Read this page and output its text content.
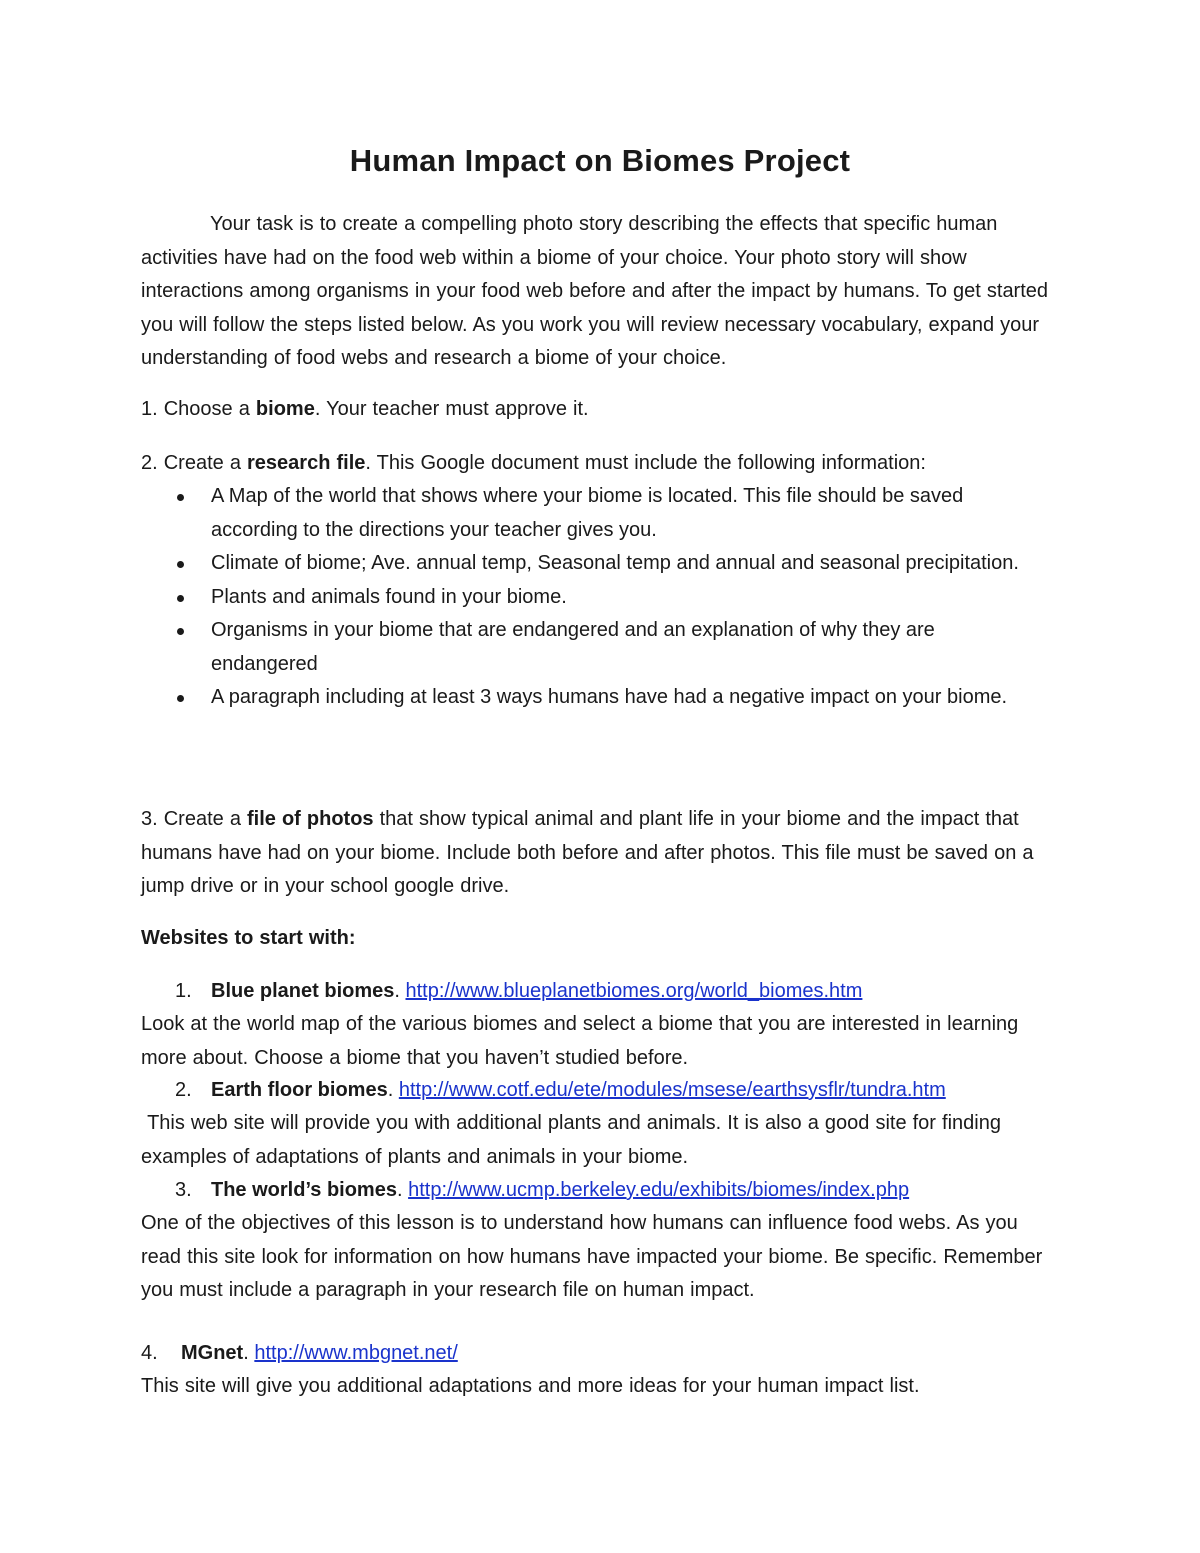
Human Impact on Biomes Project
Your task is to create a compelling photo story describing the effects that specific human activities have had on the food web within a biome of your choice. Your photo story will show interactions among organisms in your food web before and after the impact by humans. To get started you will follow the steps listed below. As you work you will review necessary vocabulary, expand your understanding of food webs and research a biome of your choice.
1. Choose a biome. Your teacher must approve it.
2. Create a research file. This Google document must include the following information:
A Map of the world that shows where your biome is located. This file should be saved according to the directions your teacher gives you.
Climate of biome; Ave. annual temp, Seasonal temp and annual and seasonal precipitation.
Plants and animals found in your biome.
Organisms in your biome that are endangered and an explanation of why they are endangered
A paragraph including at least 3 ways humans have had a negative impact on your biome.
3. Create a file of photos that show typical animal and plant life in your biome and the impact that humans have had on your biome. Include both before and after photos. This file must be saved on a jump drive or in your school google drive.
Websites to start with:
1. Blue planet biomes. http://www.blueplanetbiomes.org/world_biomes.htm
Look at the world map of the various biomes and select a biome that you are interested in learning more about. Choose a biome that you haven’t studied before.
2. Earth floor biomes. http://www.cotf.edu/ete/modules/msese/earthsysflr/tundra.htm
This web site will provide you with additional plants and animals. It is also a good site for finding examples of adaptations of plants and animals in your biome.
3. The world’s biomes. http://www.ucmp.berkeley.edu/exhibits/biomes/index.php
One of the objectives of this lesson is to understand how humans can influence food webs. As you read this site look for information on how humans have impacted your biome. Be specific. Remember you must include a paragraph in your research file on human impact.
4. MGnet. http://www.mbgnet.net/
This site will give you additional adaptations and more ideas for your human impact list.
